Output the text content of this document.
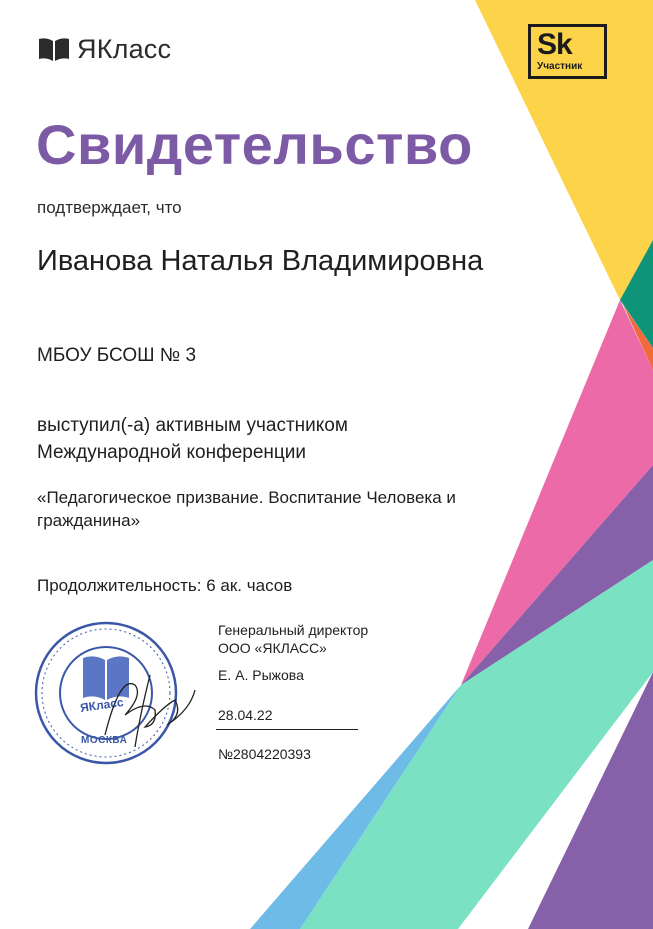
ЯКласс	Sk
Участник
Свидетельство
подтверждает, что
Иванова Наталья Владимировна
МБОУ БСОШ № 3
выступил(-а) активным участником
Международной конференции
«Педагогическое призвание. Воспитание Человека и
гражданина»
Продолжительность: 6 ак. часов
ЯКласс
МОСКВА
Генеральный директор
ООО «ЯКЛАСС»
Е. А. Рыжова
28.04.22
№2804220393
